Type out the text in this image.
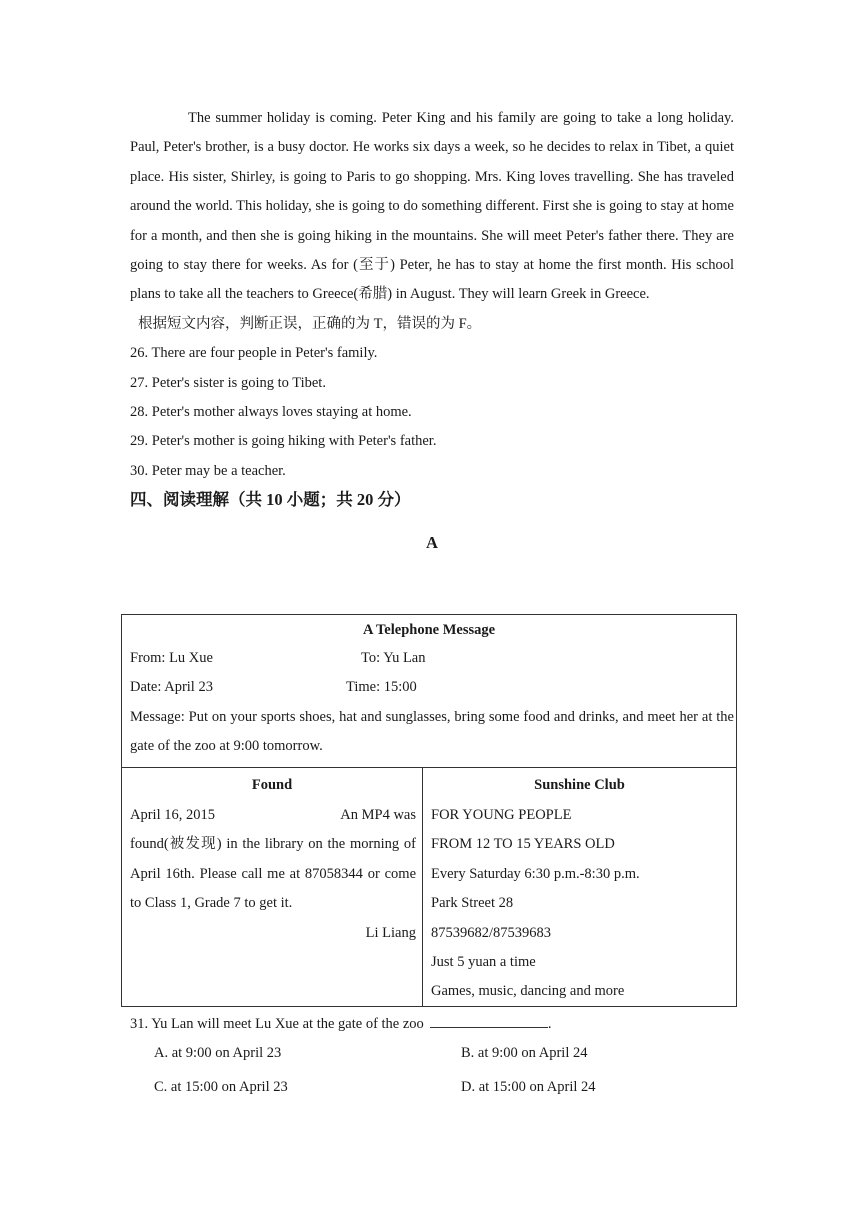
The summer holiday is coming. Peter King and his family are going to take a long holiday. Paul, Peter's brother, is a busy doctor. He works six days a week, so he decides to relax in Tibet, a quiet place. His sister, Shirley, is going to Paris to go shopping. Mrs. King loves travelling. She has traveled around the world. This holiday, she is going to do something different. First she is going to stay at home for a month, and then she is going hiking in the mountains. She will meet Peter's father there. They are going to stay there for weeks. As for (至于) Peter, he has to stay at home the first month. His school plans to take all the teachers to Greece(希腊) in August. They will learn Greek in Greece.

根据短文内容，判断正误，正确的为 T，错误的为 F。

26. There are four people in Peter's family.

27. Peter's sister is going to Tibet.

28. Peter's mother always loves staying at home.

29. Peter's mother is going hiking with Peter's father.

30. Peter may be a teacher.

四、阅读理解（共 10 小题；共 20 分）

A

A Telephone Message
From: Lu Xue	To: Yu Lan
Date: April 23	Time: 15:00
Message: Put on your sports shoes, hat and sunglasses, bring some food and drinks, and meet her at the gate of the zoo at 9:00 tomorrow.
Found
April 16, 2015	An MP4 was
found(被发现) in the library on the morning of April 16th. Please call me at 87058344 or come to Class 1, Grade 7 to get it.
Li Liang
Sunshine Club
FOR YOUNG PEOPLE
FROM 12 TO 15 YEARS OLD
Every Saturday 6:30 p.m.-8:30 p.m.
Park Street 28
87539682/87539683
Just 5 yuan a time
Games, music, dancing and more
31. Yu Lan will meet Lu Xue at the gate of the zoo	.
A. at 9:00 on April 23	B. at 9:00 on April 24
C. at 15:00 on April 23	D. at 15:00 on April 24
